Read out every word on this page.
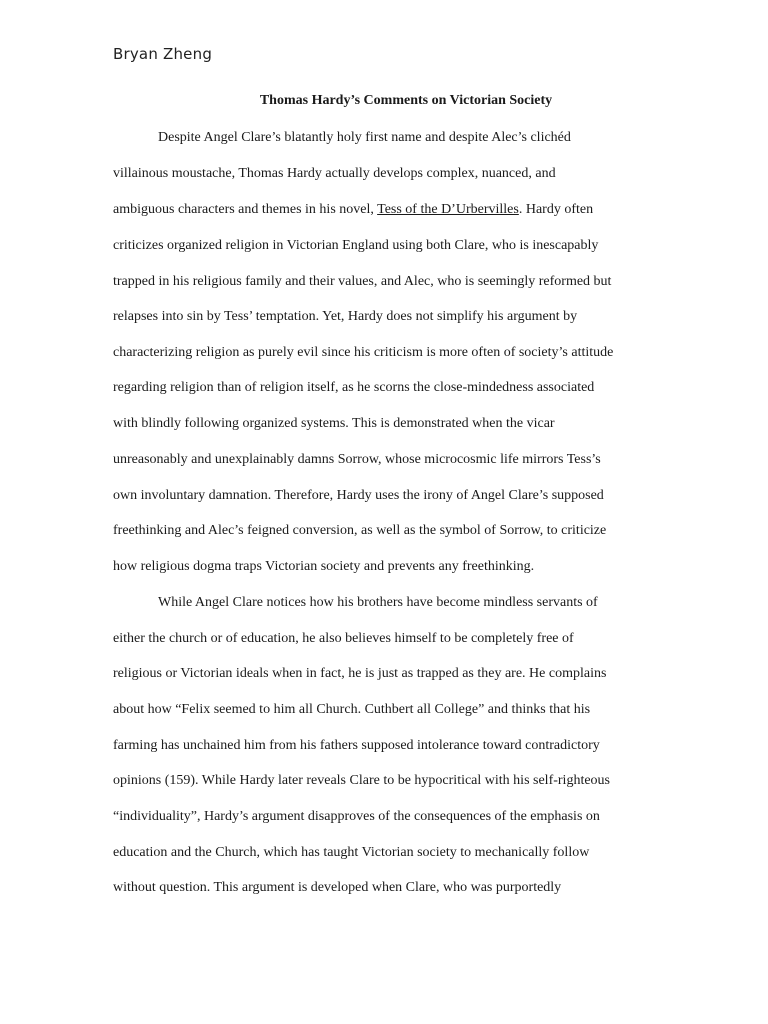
Bryan Zheng
Thomas Hardy’s Comments on Victorian Society
Despite Angel Clare’s blatantly holy first name and despite Alec’s clichéd
villainous moustache, Thomas Hardy actually develops complex, nuanced, and
ambiguous characters and themes in his novel, Tess of the D’Urbervilles. Hardy often
criticizes organized religion in Victorian England using both Clare, who is inescapably
trapped in his religious family and their values, and Alec, who is seemingly reformed but
relapses into sin by Tess’ temptation. Yet, Hardy does not simplify his argument by
characterizing religion as purely evil since his criticism is more often of society’s attitude
regarding religion than of religion itself, as he scorns the close-mindedness associated
with blindly following organized systems. This is demonstrated when the vicar
unreasonably and unexplainably damns Sorrow, whose microcosmic life mirrors Tess’s
own involuntary damnation. Therefore, Hardy uses the irony of Angel Clare’s supposed
freethinking and Alec’s feigned conversion, as well as the symbol of Sorrow, to criticize
how religious dogma traps Victorian society and prevents any freethinking.
While Angel Clare notices how his brothers have become mindless servants of
either the church or of education, he also believes himself to be completely free of
religious or Victorian ideals when in fact, he is just as trapped as they are. He complains
about how “Felix seemed to him all Church. Cuthbert all College” and thinks that his
farming has unchained him from his fathers supposed intolerance toward contradictory
opinions (159). While Hardy later reveals Clare to be hypocritical with his self-righteous
“individuality”, Hardy’s argument disapproves of the consequences of the emphasis on
education and the Church, which has taught Victorian society to mechanically follow
without question. This argument is developed when Clare, who was purportedly
